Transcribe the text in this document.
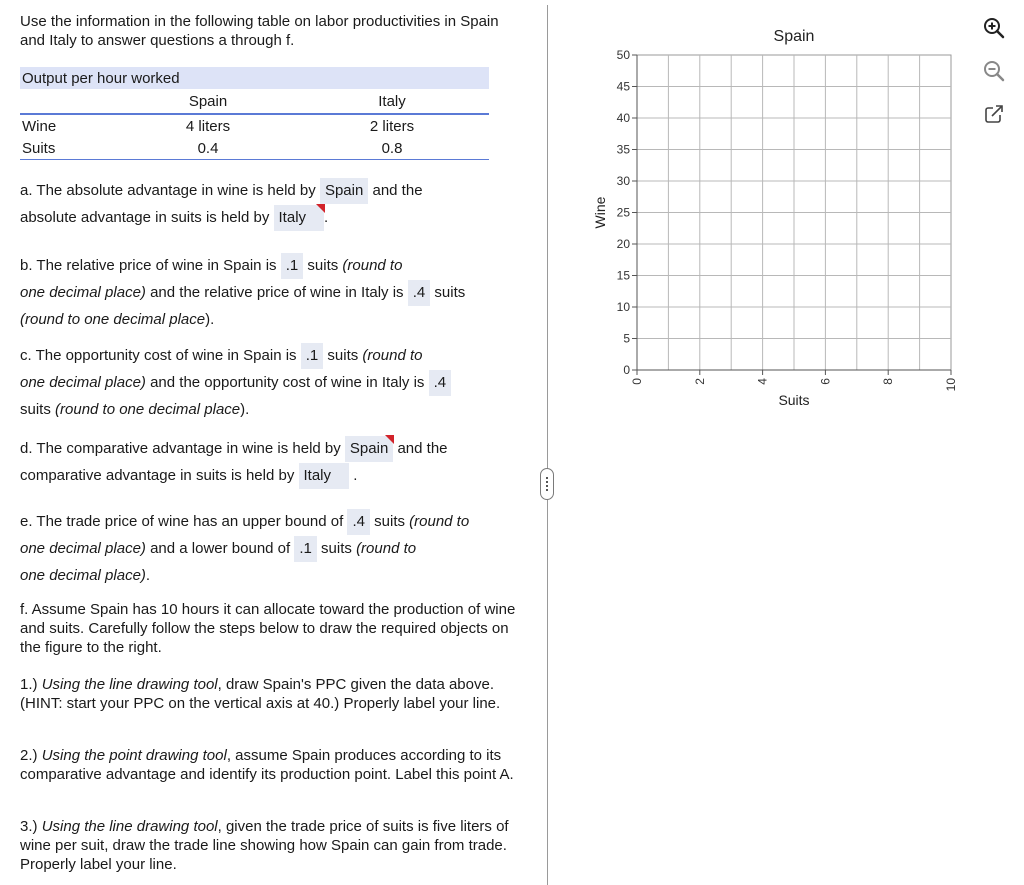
Use the information in the following table on labor productivities in Spain and Italy to answer questions a through f.
Output per hour worked		
	Spain	Italy
Wine	4 liters	2 liters
Suits	0.4	0.8
a. The absolute advantage in wine is held by Spain and the
absolute advantage in suits is held by Italy .
b. The relative price of wine in Spain is .1 suits (round to
one decimal place) and the relative price of wine in Italy is .4 suits
(round to one decimal place).
c. The opportunity cost of wine in Spain is .1 suits (round to
one decimal place) and the opportunity cost of wine in Italy is .4
suits (round to one decimal place).
d. The comparative advantage in wine is held by Spain and the
comparative advantage in suits is held by Italy .
e. The trade price of wine has an upper bound of .4 suits (round to
one decimal place) and a lower bound of .1 suits (round to
one decimal place).
f. Assume Spain has 10 hours it can allocate toward the production of wine and suits. Carefully follow the steps below to draw the required objects on the figure to the right.
1.) Using the line drawing tool, draw Spain's PPC given the data above. (HINT: start your PPC on the vertical axis at 40.) Properly label your line.
2.) Using the point drawing tool, assume Spain produces according to its comparative advantage and identify its production point. Label this point A.
3.) Using the line drawing tool, given the trade price of suits is five liters of wine per suit, draw the trade line showing how Spain can gain from trade. Properly label your line.
0
5
10
15
20
25
30
35
40
45
50
0	2	4	6	8	10
Spain
Suits
Wine
